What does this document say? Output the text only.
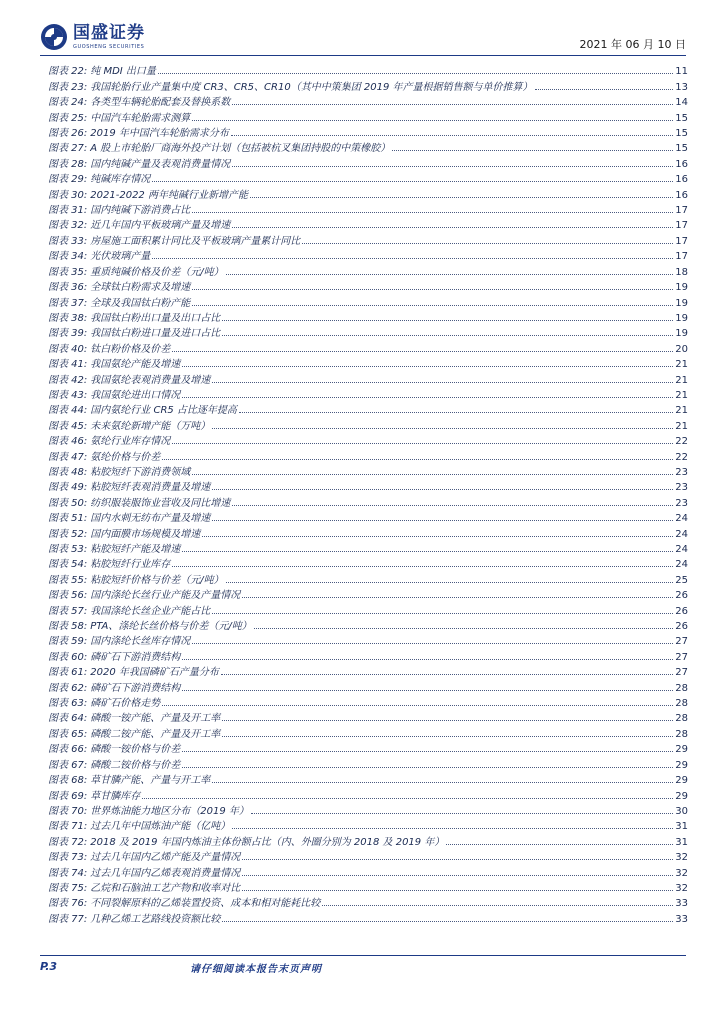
国盛证券
GUOSHENG SECURITIES	2021 年 06 月 10 日
图表 22: 纯 MDI 出口量	11
图表 23: 我国轮胎行业产量集中度 CR3、CR5、CR10（其中中策集团 2019 年产量根据销售额与单价推算）	13
图表 24: 各类型车辆轮胎配套及替换系数	14
图表 25: 中国汽车轮胎需求测算	15
图表 26: 2019 年中国汽车轮胎需求分布	15
图表 27: A 股上市轮胎厂商海外投产计划（包括被杭叉集团持股的中策橡胶）	15
图表 28: 国内纯碱产量及表观消费量情况	16
图表 29: 纯碱库存情况	16
图表 30: 2021-2022 两年纯碱行业新增产能	16
图表 31: 国内纯碱下游消费占比	17
图表 32: 近几年国内平板玻璃产量及增速	17
图表 33: 房屋施工面积累计同比及平板玻璃产量累计同比	17
图表 34: 光伏玻璃产量	17
图表 35: 重质纯碱价格及价差（元/吨）	18
图表 36: 全球钛白粉需求及增速	19
图表 37: 全球及我国钛白粉产能	19
图表 38: 我国钛白粉出口量及出口占比	19
图表 39: 我国钛白粉进口量及进口占比	19
图表 40: 钛白粉价格及价差	20
图表 41: 我国氨纶产能及增速	21
图表 42: 我国氨纶表观消费量及增速	21
图表 43: 我国氨纶进出口情况	21
图表 44: 国内氨纶行业 CR5 占比逐年提高	21
图表 45: 未来氨纶新增产能（万吨）	21
图表 46: 氨纶行业库存情况	22
图表 47: 氨纶价格与价差	22
图表 48: 粘胶短纤下游消费领域	23
图表 49: 粘胶短纤表观消费量及增速	23
图表 50: 纺织服装服饰业营收及同比增速	23
图表 51: 国内水刺无纺布产量及增速	24
图表 52: 国内面膜市场规模及增速	24
图表 53: 粘胶短纤产能及增速	24
图表 54: 粘胶短纤行业库存	24
图表 55: 粘胶短纤价格与价差（元/吨）	25
图表 56: 国内涤纶长丝行业产能及产量情况	26
图表 57: 我国涤纶长丝企业产能占比	26
图表 58: PTA、涤纶长丝价格与价差（元/吨）	26
图表 59: 国内涤纶长丝库存情况	27
图表 60: 磷矿石下游消费结构	27
图表 61: 2020 年我国磷矿石产量分布	27
图表 62: 磷矿石下游消费结构	28
图表 63: 磷矿石价格走势	28
图表 64: 磷酸一铵产能、产量及开工率	28
图表 65: 磷酸二铵产能、产量及开工率	28
图表 66: 磷酸一铵价格与价差	29
图表 67: 磷酸二铵价格与价差	29
图表 68: 草甘膦产能、产量与开工率	29
图表 69: 草甘膦库存	29
图表 70: 世界炼油能力地区分布（2019 年）	30
图表 71: 过去几年中国炼油产能（亿吨）	31
图表 72: 2018 及 2019 年国内炼油主体份额占比（内、外圈分别为 2018 及 2019 年）	31
图表 73: 过去几年国内乙烯产能及产量情况	32
图表 74: 过去几年国内乙烯表观消费量情况	32
图表 75: 乙烷和石脑油工艺产物和收率对比	32
图表 76: 不同裂解原料的乙烯装置投资、成本和相对能耗比较	33
图表 77: 几种乙烯工艺路线投资额比较	33
P.3	请仔细阅读本报告末页声明
